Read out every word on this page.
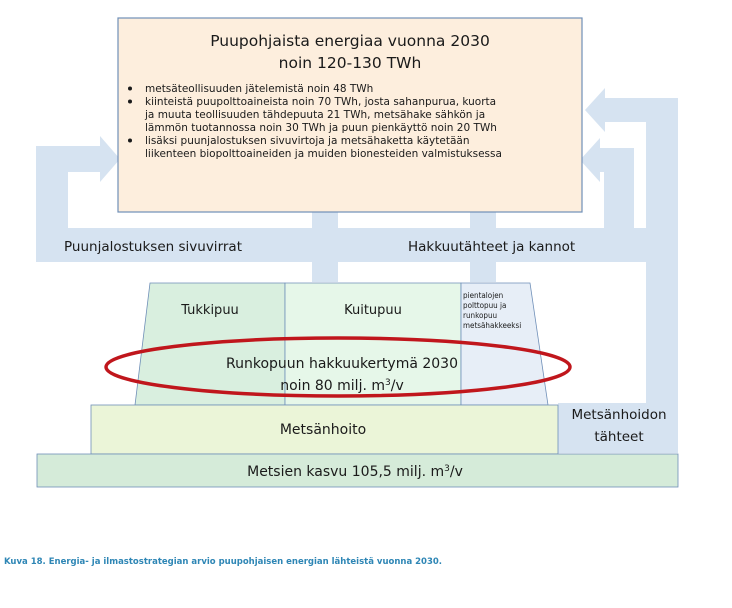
Puupohjaista energiaa vuonna 2030
noin 120-130 TWh
metsäteollisuuden jätelemistä noin 48 TWh
kiinteistä puupolttoaineista noin 70 TWh, josta sahanpurua, kuorta
ja muuta teollisuuden tähdepuuta 21 TWh, metsähake sähkön ja
lämmön tuotannossa noin 30 TWh ja puun pienkäyttö noin 20 TWh
lisäksi puunjalostuksen sivuvirtoja ja metsähaketta käytetään
liikenteen biopolttoaineiden ja muiden bionesteiden valmistuksessa
Puunjalostuksen sivuvirrat	Hakkuutähteet ja kannot
Tukkipuu	Kuitupuu
pientalojen
polttopuu ja
runkopuu
metsähakkeeksi
Runkopuun hakkuukertymä 2030
noin 80 milj. $m^3/v$
Metsänhoito
Metsänhoidon
tähteet
Metsien kasvu 105,5 milj. $m^3/v$
Kuva 18. Energia- ja ilmastostrategian arvio puupohjaisen energian lähteistä vuonna 2030.
